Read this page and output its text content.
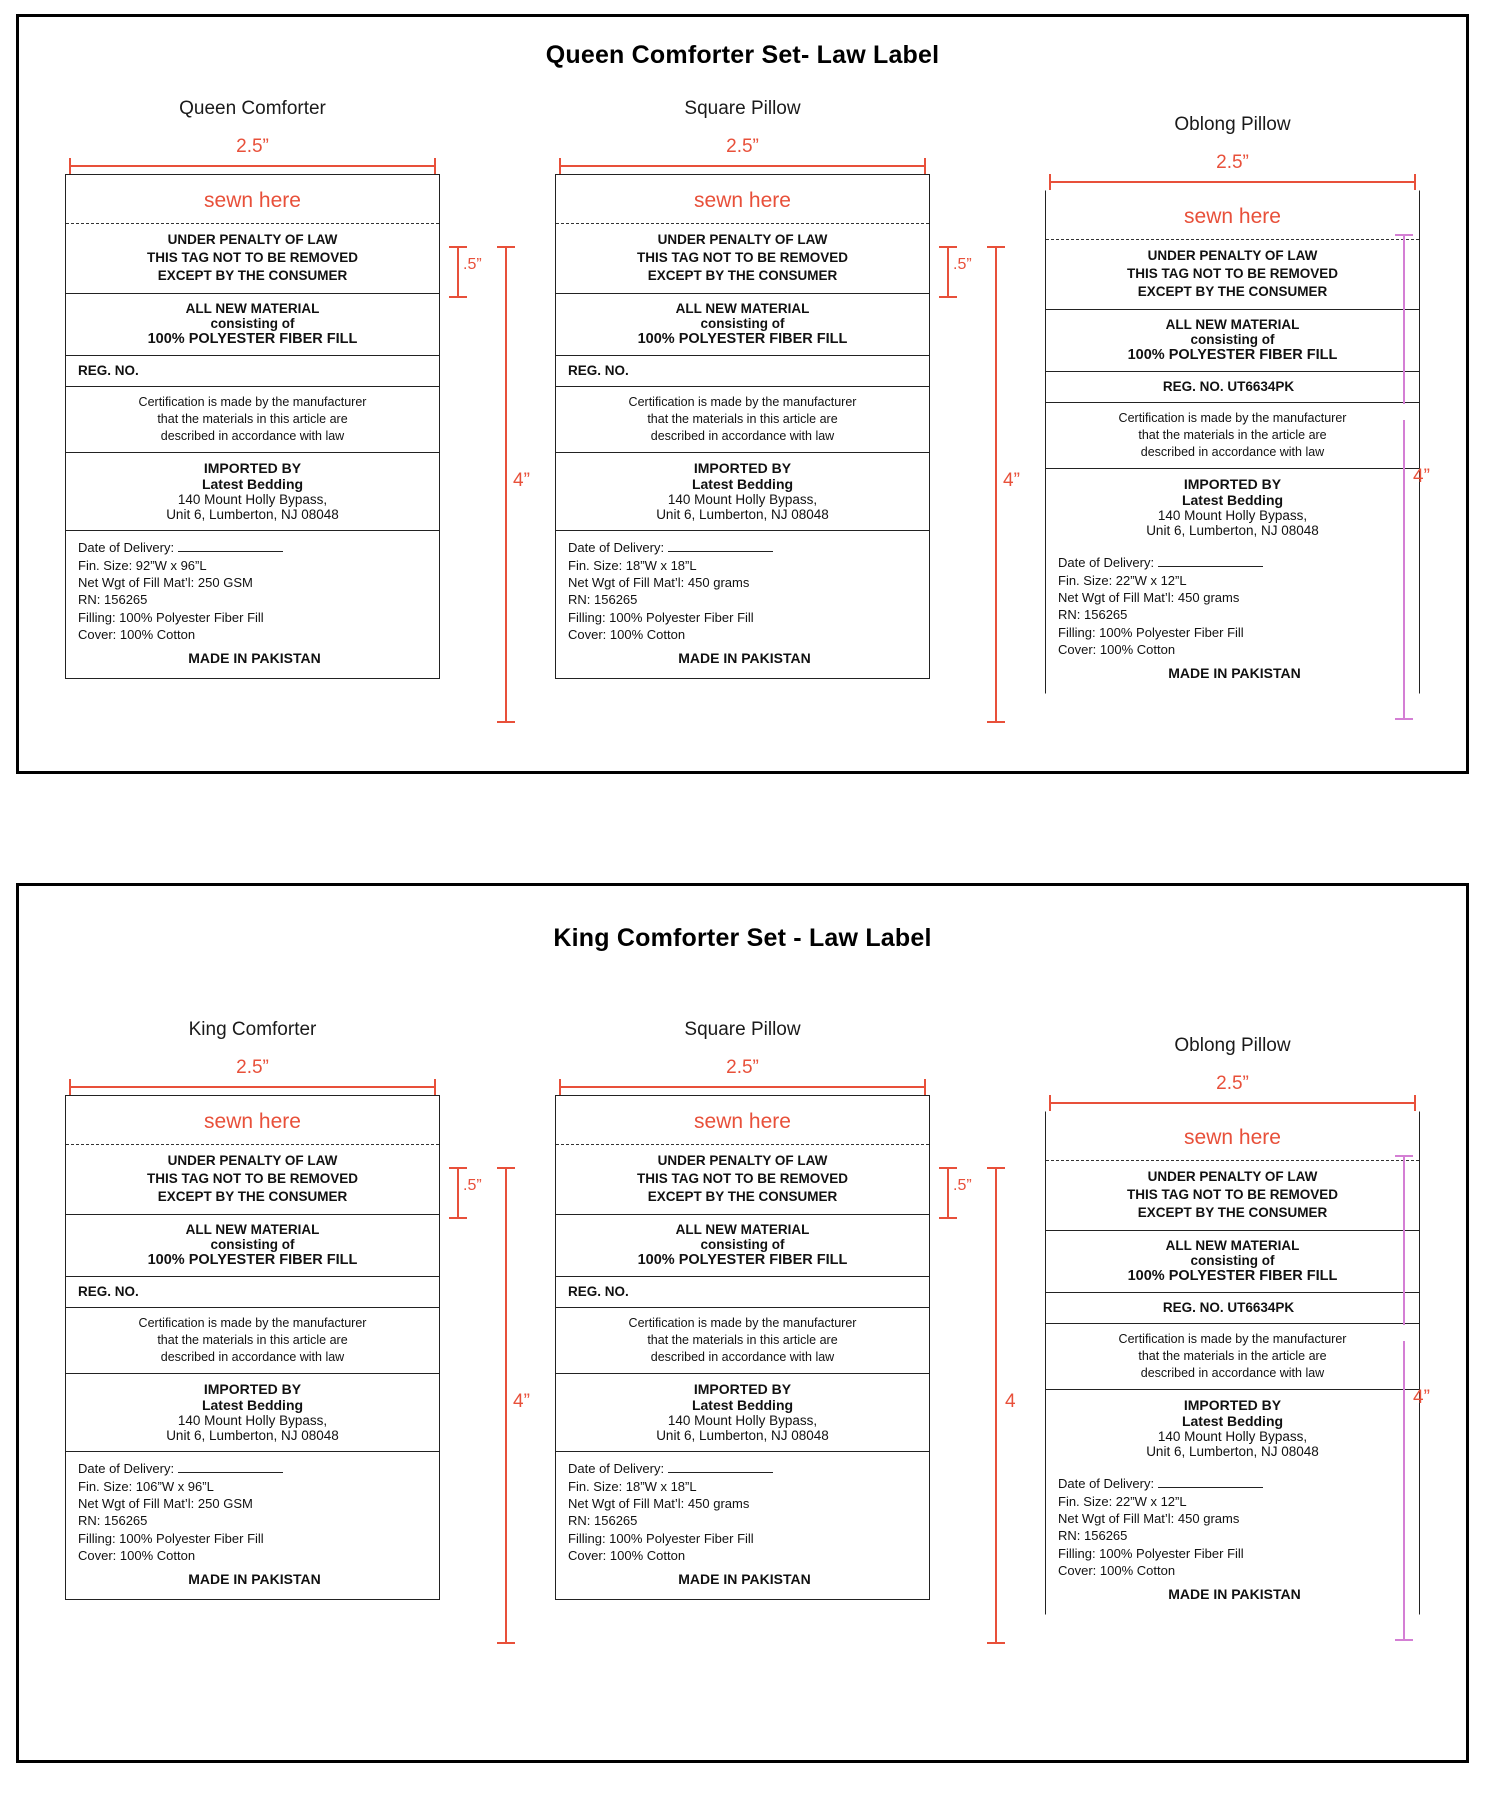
Queen Comforter Set- Law Label
Queen Comforter
2.5”
sewn here
UNDER PENALTY OF LAW
THIS TAG NOT TO BE REMOVED
EXCEPT BY THE CONSUMER
ALL NEW MATERIAL
consisting of
100% POLYESTER FIBER FILL
REG. NO.
Certification is made by the manufacturer
that the materials in this article are
described in accordance with law
IMPORTED BY
Latest Bedding
140 Mount Holly Bypass,
Unit 6, Lumberton, NJ 08048
Date of Delivery:
Fin. Size: 92”W x 96”L
Net Wgt of Fill Mat’l: 250 GSM
RN: 156265
Filling: 100% Polyester Fiber Fill
Cover: 100% Cotton
MADE IN PAKISTAN
.5”
4”
Square Pillow
2.5”
sewn here
UNDER PENALTY OF LAW
THIS TAG NOT TO BE REMOVED
EXCEPT BY THE CONSUMER
ALL NEW MATERIAL
consisting of
100% POLYESTER FIBER FILL
REG. NO.
Certification is made by the manufacturer
that the materials in this article are
described in accordance with law
IMPORTED BY
Latest Bedding
140 Mount Holly Bypass,
Unit 6, Lumberton, NJ 08048
Date of Delivery:
Fin. Size: 18”W x 18”L
Net Wgt of Fill Mat’l: 450 grams
RN: 156265
Filling: 100% Polyester Fiber Fill
Cover: 100% Cotton
MADE IN PAKISTAN
.5”
4”
Oblong Pillow
2.5”
sewn here
UNDER PENALTY OF LAW
THIS TAG NOT TO BE REMOVED
EXCEPT BY THE CONSUMER
ALL NEW MATERIAL
consisting of
100% POLYESTER FIBER FILL
REG. NO. UT6634PK
Certification is made by the manufacturer
that the materials in the article are
described in accordance with law
IMPORTED BY
Latest Bedding
140 Mount Holly Bypass,
Unit 6, Lumberton, NJ 08048
Date of Delivery:
Fin. Size: 22”W x 12”L
Net Wgt of Fill Mat’l: 450 grams
RN: 156265
Filling: 100% Polyester Fiber Fill
Cover: 100% Cotton
MADE IN PAKISTAN
4”
King Comforter Set - Law Label
King Comforter
2.5”
sewn here
UNDER PENALTY OF LAW
THIS TAG NOT TO BE REMOVED
EXCEPT BY THE CONSUMER
ALL NEW MATERIAL
consisting of
100% POLYESTER FIBER FILL
REG. NO.
Certification is made by the manufacturer
that the materials in this article are
described in accordance with law
IMPORTED BY
Latest Bedding
140 Mount Holly Bypass,
Unit 6, Lumberton, NJ 08048
Date of Delivery:
Fin. Size: 106”W x 96”L
Net Wgt of Fill Mat’l: 250 GSM
RN: 156265
Filling: 100% Polyester Fiber Fill
Cover: 100% Cotton
MADE IN PAKISTAN
.5”
4”
Square Pillow
2.5”
sewn here
UNDER PENALTY OF LAW
THIS TAG NOT TO BE REMOVED
EXCEPT BY THE CONSUMER
ALL NEW MATERIAL
consisting of
100% POLYESTER FIBER FILL
REG. NO.
Certification is made by the manufacturer
that the materials in this article are
described in accordance with law
IMPORTED BY
Latest Bedding
140 Mount Holly Bypass,
Unit 6, Lumberton, NJ 08048
Date of Delivery:
Fin. Size: 18”W x 18”L
Net Wgt of Fill Mat’l: 450 grams
RN: 156265
Filling: 100% Polyester Fiber Fill
Cover: 100% Cotton
MADE IN PAKISTAN
.5”
4
Oblong Pillow
2.5”
sewn here
UNDER PENALTY OF LAW
THIS TAG NOT TO BE REMOVED
EXCEPT BY THE CONSUMER
ALL NEW MATERIAL
consisting of
100% POLYESTER FIBER FILL
REG. NO. UT6634PK
Certification is made by the manufacturer
that the materials in the article are
described in accordance with law
IMPORTED BY
Latest Bedding
140 Mount Holly Bypass,
Unit 6, Lumberton, NJ 08048
Date of Delivery:
Fin. Size: 22”W x 12”L
Net Wgt of Fill Mat’l: 450 grams
RN: 156265
Filling: 100% Polyester Fiber Fill
Cover: 100% Cotton
MADE IN PAKISTAN
4”
